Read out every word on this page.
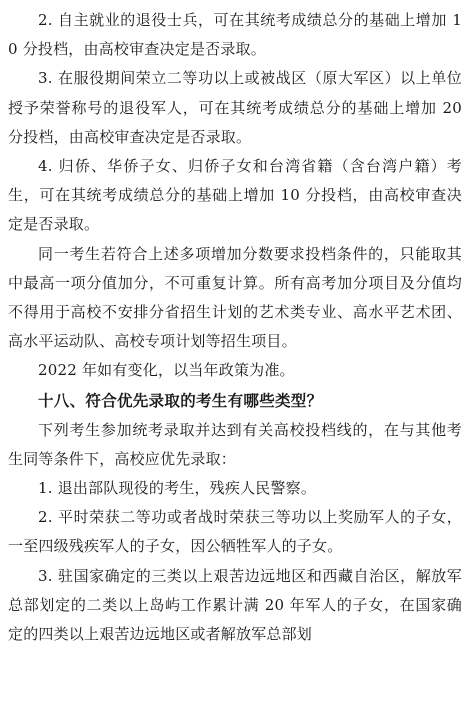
2. 自主就业的退役士兵，可在其统考成绩总分的基础上增加 10 分投档，由高校审查决定是否录取。

3. 在服役期间荣立二等功以上或被战区（原大军区）以上单位授予荣誉称号的退役军人，可在其统考成绩总分的基础上增加 20 分投档，由高校审查决定是否录取。

4. 归侨、华侨子女、归侨子女和台湾省籍（含台湾户籍）考生，可在其统考成绩总分的基础上增加 10 分投档，由高校审查决定是否录取。

同一考生若符合上述多项增加分数要求投档条件的，只能取其中最高一项分值加分，不可重复计算。所有高考加分项目及分值均不得用于高校不安排分省招生计划的艺术类专业、高水平艺术团、高水平运动队、高校专项计划等招生项目。

2022 年如有变化，以当年政策为准。

十八、符合优先录取的考生有哪些类型？

下列考生参加统考录取并达到有关高校投档线的，在与其他考生同等条件下，高校应优先录取：

1. 退出部队现役的考生，残疾人民警察。

2. 平时荣获二等功或者战时荣获三等功以上奖励军人的子女，一至四级残疾军人的子女，因公牺牲军人的子女。

3. 驻国家确定的三类以上艰苦边远地区和西藏自治区，解放军总部划定的二类以上岛屿工作累计满 20 年军人的子女，在国家确定的四类以上艰苦边远地区或者解放军总部划
